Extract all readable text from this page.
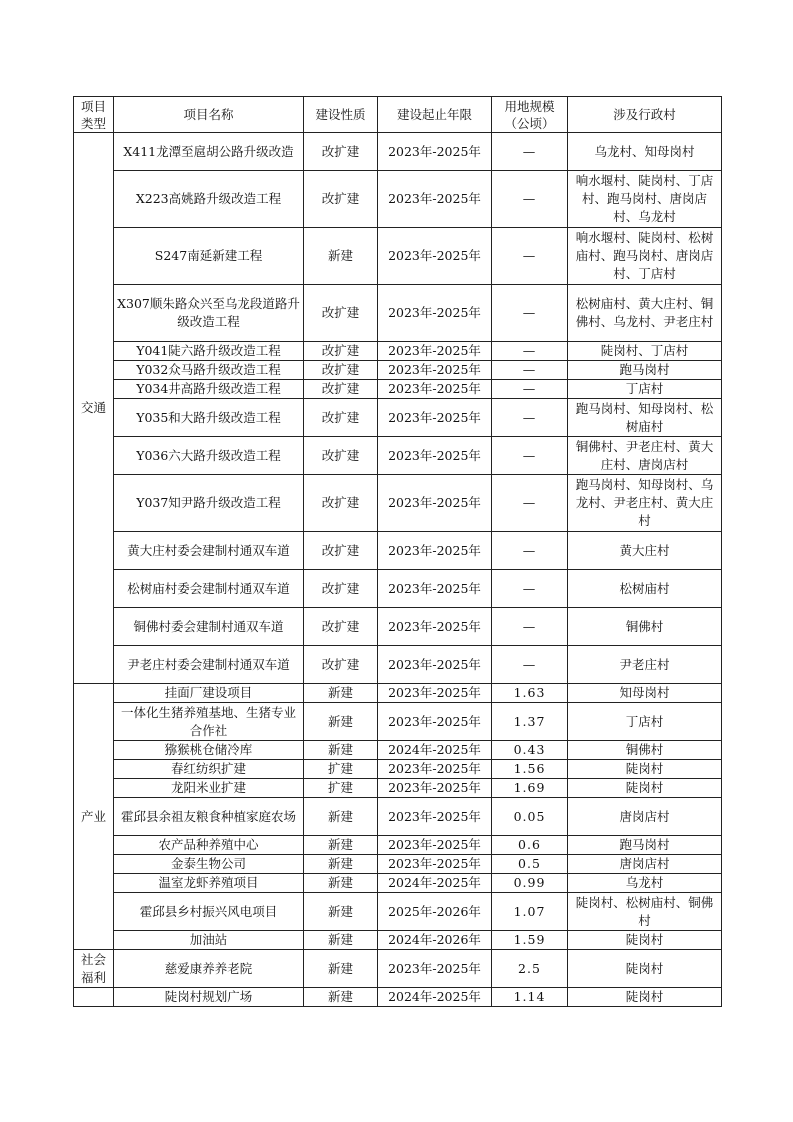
项目类型	项目名称	建设性质	建设起止年限	用地规模（公顷）	涉及行政村
交通	X411龙潭至扈胡公路升级改造	改扩建	2023年-2025年	—	乌龙村、知母岗村
	X223高姚路升级改造工程	改扩建	2023年-2025年	—	响水堰村、陡岗村、丁店村、跑马岗村、唐岗店村、乌龙村
	S247南延新建工程	新建	2023年-2025年	—	响水堰村、陡岗村、松树庙村、跑马岗村、唐岗店村、丁店村
	X307顺朱路众兴至乌龙段道路升级改造工程	改扩建	2023年-2025年	—	松树庙村、黄大庄村、铜佛村、乌龙村、尹老庄村
	Y041陡六路升级改造工程	改扩建	2023年-2025年	—	陡岗村、丁店村
	Y032众马路升级改造工程	改扩建	2023年-2025年	—	跑马岗村
	Y034井高路升级改造工程	改扩建	2023年-2025年	—	丁店村
	Y035和大路升级改造工程	改扩建	2023年-2025年	—	跑马岗村、知母岗村、松树庙村
	Y036六大路升级改造工程	改扩建	2023年-2025年	—	铜佛村、尹老庄村、黄大庄村、唐岗店村
	Y037知尹路升级改造工程	改扩建	2023年-2025年	—	跑马岗村、知母岗村、乌龙村、尹老庄村、黄大庄村
	黄大庄村委会建制村通双车道	改扩建	2023年-2025年	—	黄大庄村
	松树庙村委会建制村通双车道	改扩建	2023年-2025年	—	松树庙村
	铜佛村委会建制村通双车道	改扩建	2023年-2025年	—	铜佛村
	尹老庄村委会建制村通双车道	改扩建	2023年-2025年	—	尹老庄村
产业	挂面厂建设项目	新建	2023年-2025年	1.63	知母岗村
	一体化生猪养殖基地、生猪专业合作社	新建	2023年-2025年	1.37	丁店村
	猕猴桃仓储冷库	新建	2024年-2025年	0.43	铜佛村
	春红纺织扩建	扩建	2023年-2025年	1.56	陡岗村
	龙阳米业扩建	扩建	2023年-2025年	1.69	陡岗村
	霍邱县余祖友粮食种植家庭农场	新建	2023年-2025年	0.05	唐岗店村
	农产品种养殖中心	新建	2023年-2025年	0.6	跑马岗村
	金泰生物公司	新建	2023年-2025年	0.5	唐岗店村
	温室龙虾养殖项目	新建	2024年-2025年	0.99	乌龙村
	霍邱县乡村振兴风电项目	新建	2025年-2026年	1.07	陡岗村、松树庙村、铜佛村
	加油站	新建	2024年-2026年	1.59	陡岗村
社会福利	慈爱康养养老院	新建	2023年-2025年	2.5	陡岗村
	陡岗村规划广场	新建	2024年-2025年	1.14	陡岗村
